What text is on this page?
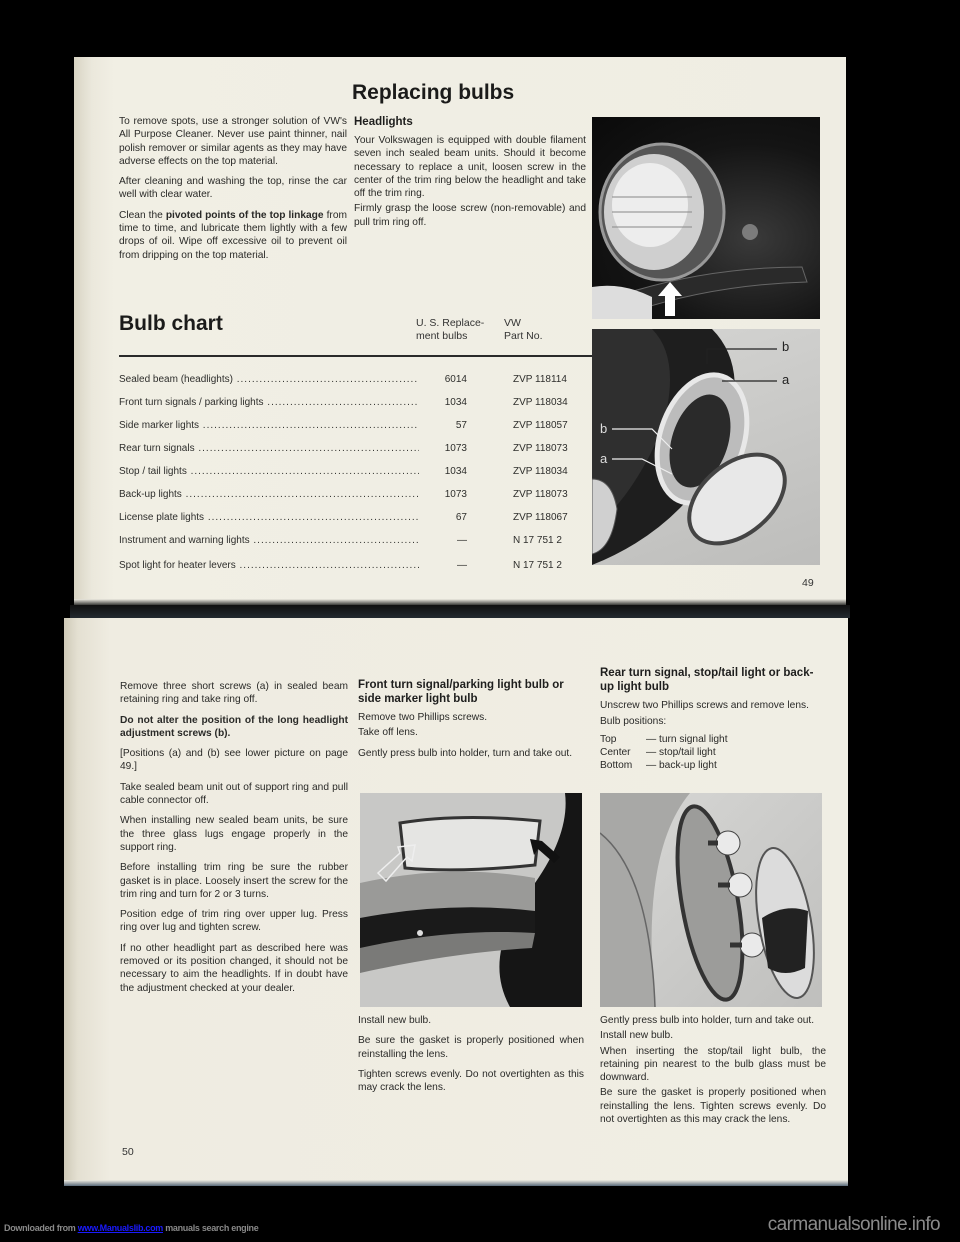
Replacing bulbs

To remove spots, use a stronger solution of VW's All Purpose Cleaner. Never use paint thinner, nail polish remover or similar agents as they may have adverse effects on the top material.

After cleaning and washing the top, rinse the car well with clear water.

Clean the pivoted points of the top linkage from time to time, and lubricate them lightly with a few drops of oil. Wipe off excessive oil to prevent oil from dripping on the top material.

Headlights

Your Volkswagen is equipped with double filament seven inch sealed beam units. Should it become necessary to replace a unit, loosen screw in the center of the trim ring below the headlight and take off the trim ring.

Firmly grasp the loose screw (non-removable) and pull trim ring off.

Bulb chart	U. S. Replace-
ment bulbs
VW
Part No.
Sealed beam (headlights) .....	6014	ZVP 118114
Front turn signals / parking lights .....	1034	ZVP 118034
Side marker lights .....	57	ZVP 118057
Rear turn signals .....	1073	ZVP 118073
Stop / tail lights .....	1034	ZVP 118034
Back-up lights .....	1073	ZVP 118073
License plate lights .....	67	ZVP 118067
Instrument and warning lights .....	—	N 17 751 2
Spot light for heater levers .....	—	N 17 751 2
b
a
b
a
49

Remove three short screws (a) in sealed beam retaining ring and take ring off.

Do not alter the position of the long headlight adjustment screws (b).

[Positions (a) and (b) see lower picture on page 49.]

Take sealed beam unit out of support ring and pull cable connector off.

When installing new sealed beam units, be sure the three glass lugs engage properly in the support ring.

Before installing trim ring be sure the rubber gasket is in place. Loosely insert the screw for the trim ring and turn for 2 or 3 turns.

Position edge of trim ring over upper lug. Press ring over lug and tighten screw.

If no other headlight part as described here was removed or its position changed, it should not be necessary to aim the headlights. If in doubt have the adjustment checked at your dealer.

Front turn signal/parking light bulb or side marker light bulb

Remove two Phillips screws.

Take off lens.

Gently press bulb into holder, turn and take out.

Install new bulb.

Be sure the gasket is properly positioned when reinstalling the lens.

Tighten screws evenly. Do not overtighten as this may crack the lens.

Rear turn signal, stop/tail light or back-up light bulb

Unscrew two Phillips screws and remove lens.

Bulb positions:

Top	— turn signal light
Center — stop/tail light
Bottom — back-up light

Gently press bulb into holder, turn and take out.

Install new bulb.

When inserting the stop/tail light bulb, the retaining pin nearest to the bulb glass must be downward.

Be sure the gasket is properly positioned when reinstalling the lens. Tighten screws evenly. Do not overtighten as this may crack the lens.

50
Downloaded from www.Manualslib.com manuals search engine	carmanualsonline.info
